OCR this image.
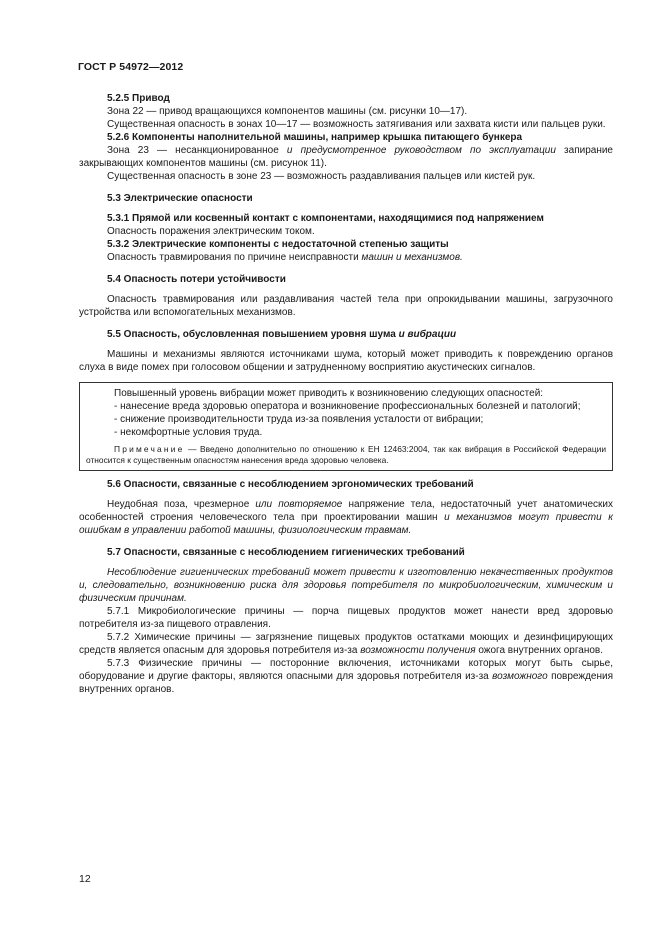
ГОСТ Р 54972—2012

5.2.5 Привод

Зона 22 — привод вращающихся компонентов машины (см. рисунки 10—17).

Существенная опасность в зонах 10—17 — возможность затягивания или захвата кисти или пальцев руки.

5.2.6 Компоненты наполнительной машины, например крышка питающего бункера

Зона 23 — несанкционированное и предусмотренное руководством по эксплуатации запирание закрывающих компонентов машины (см. рисунок 11).

Существенная опасность в зоне 23 — возможность раздавливания пальцев или кистей рук.

5.3 Электрические опасности

5.3.1 Прямой или косвенный контакт с компонентами, находящимися под напряжением

Опасность поражения электрическим током.

5.3.2 Электрические компоненты с недостаточной степенью защиты

Опасность травмирования по причине неисправности машин и механизмов.

5.4 Опасность потери устойчивости

Опасность травмирования или раздавливания частей тела при опрокидывании машины, загрузочного устройства или вспомогательных механизмов.

5.5 Опасность, обусловленная повышением уровня шума и вибрации

Машины и механизмы являются источниками шума, который может приводить к повреждению органов слуха в виде помех при голосовом общении и затрудненному восприятию акустических сигналов.

Повышенный уровень вибрации может приводить к возникновению следующих опасностей:

- нанесение вреда здоровью оператора и возникновение профессиональных болезней и патологий;

- снижение производительности труда из-за появления усталости от вибрации;

- некомфортные условия труда.

Примечание — Введено дополнительно по отношению к ЕН 12463:2004, так как вибрация в Российской Федерации относится к существенным опасностям нанесения вреда здоровью человека.

5.6 Опасности, связанные с несоблюдением эргономических требований

Неудобная поза, чрезмерное или повторяемое напряжение тела, недостаточный учет анатомических особенностей строения человеческого тела при проектировании машин и механизмов могут привести к ошибкам в управлении работой машины, физиологическим травмам.

5.7 Опасности, связанные с несоблюдением гигиенических требований

Несоблюдение гигиенических требований может привести к изготовлению некачественных продуктов и, следовательно, возникновению риска для здоровья потребителя по микробиологическим, химическим и физическим причинам.

5.7.1 Микробиологические причины — порча пищевых продуктов может нанести вред здоровью потребителя из-за пищевого отравления.

5.7.2 Химические причины — загрязнение пищевых продуктов остатками моющих и дезинфицирующих средств является опасным для здоровья потребителя из-за возможности получения ожога внутренних органов.

5.7.3 Физические причины — посторонние включения, источниками которых могут быть сырье, оборудование и другие факторы, являются опасными для здоровья потребителя из-за возможного повреждения внутренних органов.

12
